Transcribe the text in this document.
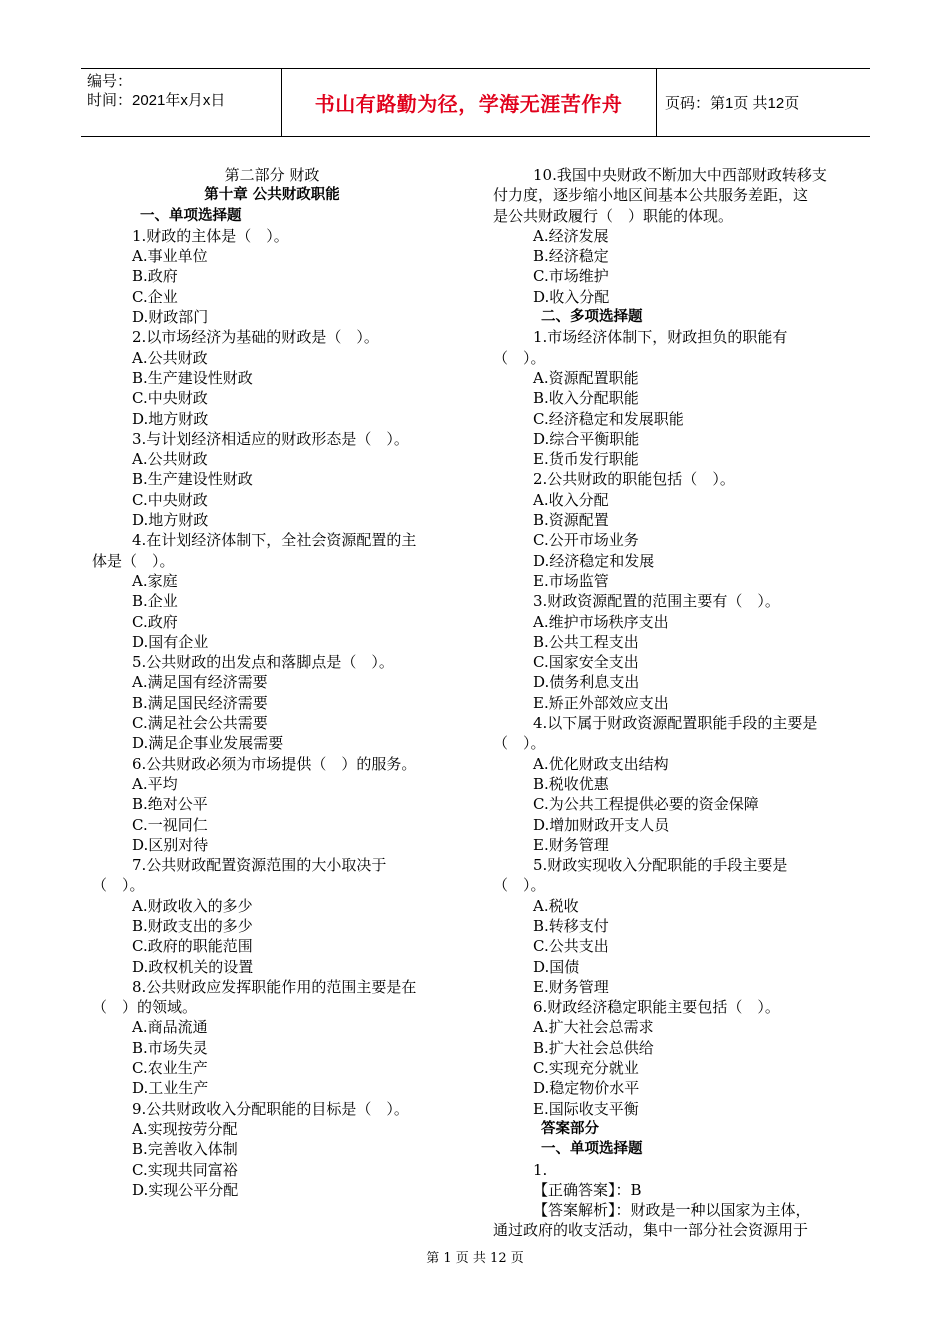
编号：
时间：2021年x月x日	书山有路勤为径，学海无涯苦作舟	页码：第1页 共12页
第二部分 财政
第十章 公共财政职能
一、单项选择题
1.财政的主体是（　）。
A.事业单位
B.政府
C.企业
D.财政部门
2.以市场经济为基础的财政是（　）。
A.公共财政
B.生产建设性财政
C.中央财政
D.地方财政
3.与计划经济相适应的财政形态是（　）。
A.公共财政
B.生产建设性财政
C.中央财政
D.地方财政
4.在计划经济体制下，全社会资源配置的主
体是（　）。
A.家庭
B.企业
C.政府
D.国有企业
5.公共财政的出发点和落脚点是（　）。
A.满足国有经济需要
B.满足国民经济需要
C.满足社会公共需要
D.满足企事业发展需要
6.公共财政必须为市场提供（　）的服务。
A.平均
B.绝对公平
C.一视同仁
D.区别对待
7.公共财政配置资源范围的大小取决于
（　）。
A.财政收入的多少
B.财政支出的多少
C.政府的职能范围
D.政权机关的设置
8.公共财政应发挥职能作用的范围主要是在
（　）的领域。
A.商品流通
B.市场失灵
C.农业生产
D.工业生产
9.公共财政收入分配职能的目标是（　）。
A.实现按劳分配
B.完善收入体制
C.实现共同富裕
D.实现公平分配
10.我国中央财政不断加大中西部财政转移支
付力度，逐步缩小地区间基本公共服务差距，这
是公共财政履行（　）职能的体现。
A.经济发展
B.经济稳定
C.市场维护
D.收入分配
二、多项选择题
1.市场经济体制下，财政担负的职能有
（　）。
A.资源配置职能
B.收入分配职能
C.经济稳定和发展职能
D.综合平衡职能
E.货币发行职能
2.公共财政的职能包括（　）。
A.收入分配
B.资源配置
C.公开市场业务
D.经济稳定和发展
E.市场监管
3.财政资源配置的范围主要有（　）。
A.维护市场秩序支出
B.公共工程支出
C.国家安全支出
D.债务利息支出
E.矫正外部效应支出
4.以下属于财政资源配置职能手段的主要是
（　）。
A.优化财政支出结构
B.税收优惠
C.为公共工程提供必要的资金保障
D.增加财政开支人员
E.财务管理
5.财政实现收入分配职能的手段主要是
（　）。
A.税收
B.转移支付
C.公共支出
D.国债
E.财务管理
6.财政经济稳定职能主要包括（　）。
A.扩大社会总需求
B.扩大社会总供给
C.实现充分就业
D.稳定物价水平
E.国际收支平衡
答案部分
一、单项选择题
1.
【正确答案】：B
【答案解析】：财政是一种以国家为主体，
通过政府的收支活动，集中一部分社会资源用于
第 1 页 共 12 页
